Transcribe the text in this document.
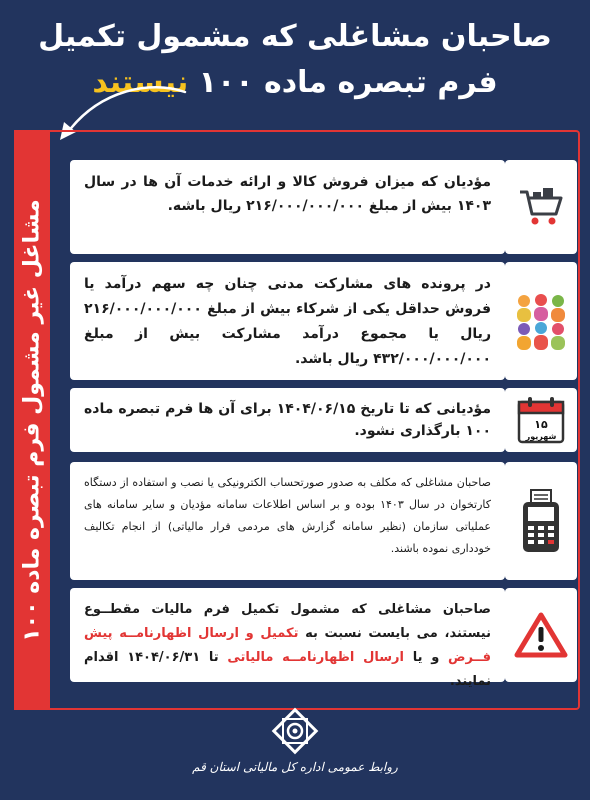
صاحبان مشاغلی که مشمول تکمیل
فرم تبصره ماده ۱۰۰ نیستند
مشاغل غیر مشمول فرم تبصره ماده ۱۰۰
مؤدیان که میزان فروش کالا و ارائه خدمات آن ها در سال ۱۴۰۳ بیش از مبلغ ۲۱۶/۰۰۰/۰۰۰/۰۰۰ ریال باشه.
در پرونده های مشارکت مدنی چنان چه سهم درآمد یا فروش حداقل یکی از شرکاء بیش از مبلغ ۲۱۶/۰۰۰/۰۰۰/۰۰۰ ریال یا مجموع درآمد مشارکت بیش از مبلغ ۴۳۲/۰۰۰/۰۰۰/۰۰۰ ریال باشد.
مؤدیانی که تا تاریخ ۱۴۰۴/۰۶/۱۵ برای آن ها فرم تبصره ماده ۱۰۰ بارگذاری نشود.	۱۵
شهریور
صاحبان مشاغلی که مکلف به صدور صورتحساب الکترونیکی یا نصب و استفاده از دستگاه کارتخوان در سال ۱۴۰۳ بوده و بر اساس اطلاعات سامانه مؤدیان و سایر سامانه های عملیاتی سازمان (نظیر سامانه گزارش های مردمی فرار مالیاتی) از انجام تکالیف خودداری نموده باشند.
صاحبان مشاغلی که مشمول تکمیل فرم مالیات مقطــوع نیستند، می بایست نسبت به تکمیل و ارسال اظهارنامــه پیش فــرض و یا ارسال اظهارنامــه مالیاتی تا ۱۴۰۴/۰۶/۳۱ اقدام نمایند.
روابط عمومی اداره کل مالیاتی استان قم
